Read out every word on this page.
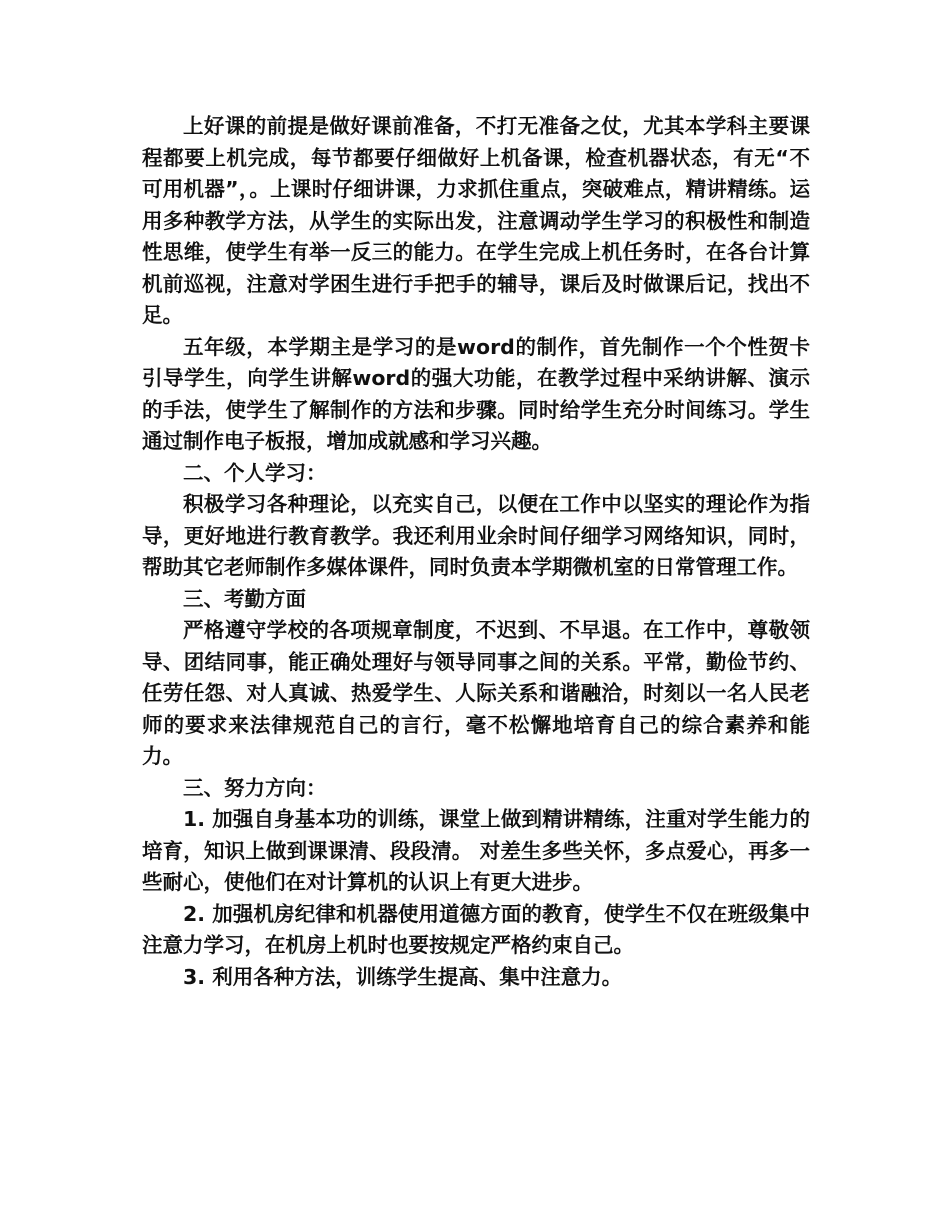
上好课的前提是做好课前准备，不打无准备之仗，尤其本学科主要课程都要上机完成，每节都要仔细做好上机备课，检查机器状态，有无“不可用机器”，。上课时仔细讲课，力求抓住重点，突破难点，精讲精练。运用多种教学方法，从学生的实际出发，注意调动学生学习的积极性和制造性思维，使学生有举一反三的能力。在学生完成上机任务时，在各台计算机前巡视，注意对学困生进行手把手的辅导，课后及时做课后记，找出不足。

五年级，本学期主是学习的是word的制作，首先制作一个个性贺卡引导学生，向学生讲解word的强大功能，在教学过程中采纳讲解、演示的手法，使学生了解制作的方法和步骤。同时给学生充分时间练习。学生通过制作电子板报，增加成就感和学习兴趣。

二、个人学习：

积极学习各种理论，以充实自己，以便在工作中以坚实的理论作为指导，更好地进行教育教学。我还利用业余时间仔细学习网络知识，同时，帮助其它老师制作多媒体课件，同时负责本学期微机室的日常管理工作。

三、考勤方面

严格遵守学校的各项规章制度，不迟到、不早退。在工作中，尊敬领导、团结同事，能正确处理好与领导同事之间的关系。平常，勤俭节约、任劳任怨、对人真诚、热爱学生、人际关系和谐融洽，时刻以一名人民老师的要求来法律规范自己的言行，毫不松懈地培育自己的综合素养和能力。

三、努力方向：

1. 加强自身基本功的训练，课堂上做到精讲精练，注重对学生能力的培育，知识上做到课课清、段段清。 对差生多些关怀，多点爱心，再多一些耐心，使他们在对计算机的认识上有更大进步。

2. 加强机房纪律和机器使用道德方面的教育，使学生不仅在班级集中注意力学习，在机房上机时也要按规定严格约束自己。

3. 利用各种方法，训练学生提高、集中注意力。
